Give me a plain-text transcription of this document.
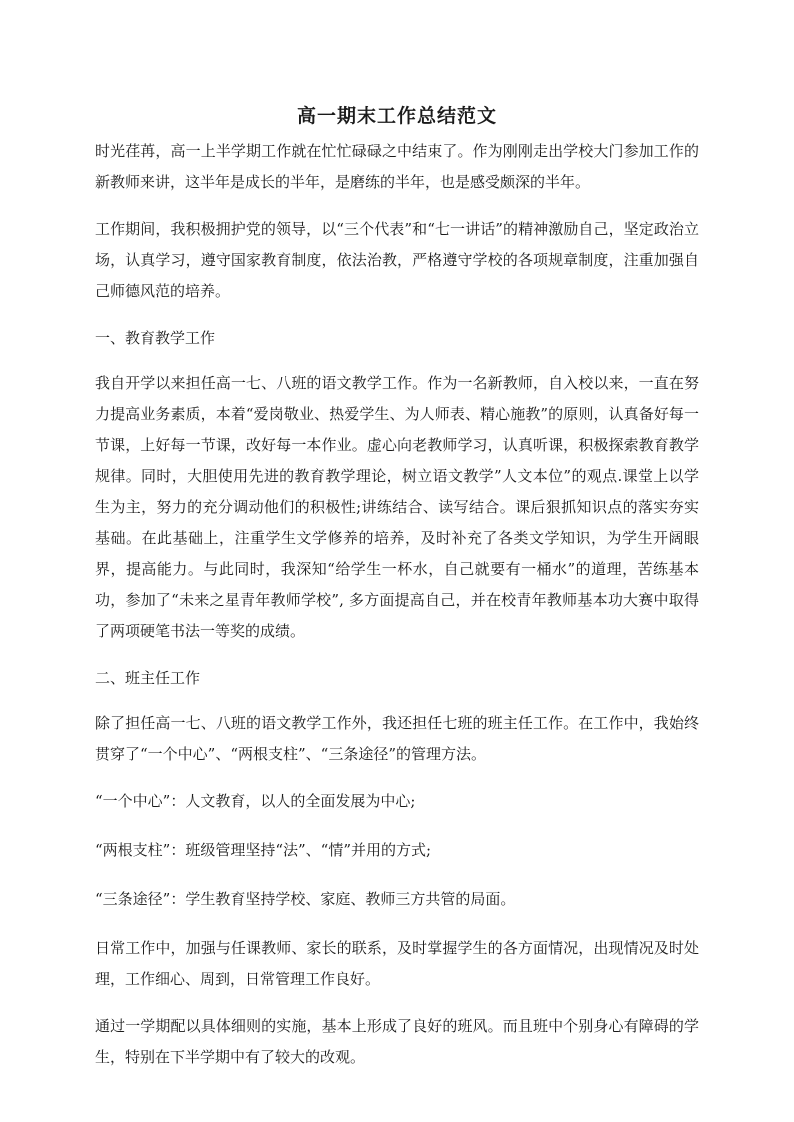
高一期末工作总结范文

时光荏苒，高一上半学期工作就在忙忙碌碌之中结束了。作为刚刚走出学校大门参加工作的新教师来讲，这半年是成长的半年，是磨练的半年，也是感受颇深的半年。

工作期间，我积极拥护党的领导，以“三个代表”和“七一讲话”的精神激励自己，坚定政治立场，认真学习，遵守国家教育制度，依法治教，严格遵守学校的各项规章制度，注重加强自己师德风范的培养。

一、教育教学工作

我自开学以来担任高一七、八班的语文教学工作。作为一名新教师，自入校以来，一直在努力提高业务素质，本着“爱岗敬业、热爱学生、为人师表、精心施教”的原则，认真备好每一节课，上好每一节课，改好每一本作业。虚心向老教师学习，认真听课，积极探索教育教学规律。同时，大胆使用先进的教育教学理论，树立语文教学”人文本位”的观点.课堂上以学生为主，努力的充分调动他们的积极性;讲练结合、读写结合。课后狠抓知识点的落实夯实基础。在此基础上，注重学生文学修养的培养，及时补充了各类文学知识，为学生开阔眼界，提高能力。与此同时，我深知“给学生一杯水，自己就要有一桶水”的道理，苦练基本功，参加了“未来之星青年教师学校”, 多方面提高自己，并在校青年教师基本功大赛中取得了两项硬笔书法一等奖的成绩。

二、班主任工作

除了担任高一七、八班的语文教学工作外，我还担任七班的班主任工作。在工作中，我始终贯穿了“一个中心”、“两根支柱”、“三条途径”的管理方法。

“一个中心”：人文教育，以人的全面发展为中心;

“两根支柱”：班级管理坚持“法”、“情”并用的方式;

“三条途径”：学生教育坚持学校、家庭、教师三方共管的局面。

日常工作中，加强与任课教师、家长的联系，及时掌握学生的各方面情况，出现情况及时处理，工作细心、周到，日常管理工作良好。

通过一学期配以具体细则的实施，基本上形成了良好的班风。而且班中个别身心有障碍的学生，特别在下半学期中有了较大的改观。
